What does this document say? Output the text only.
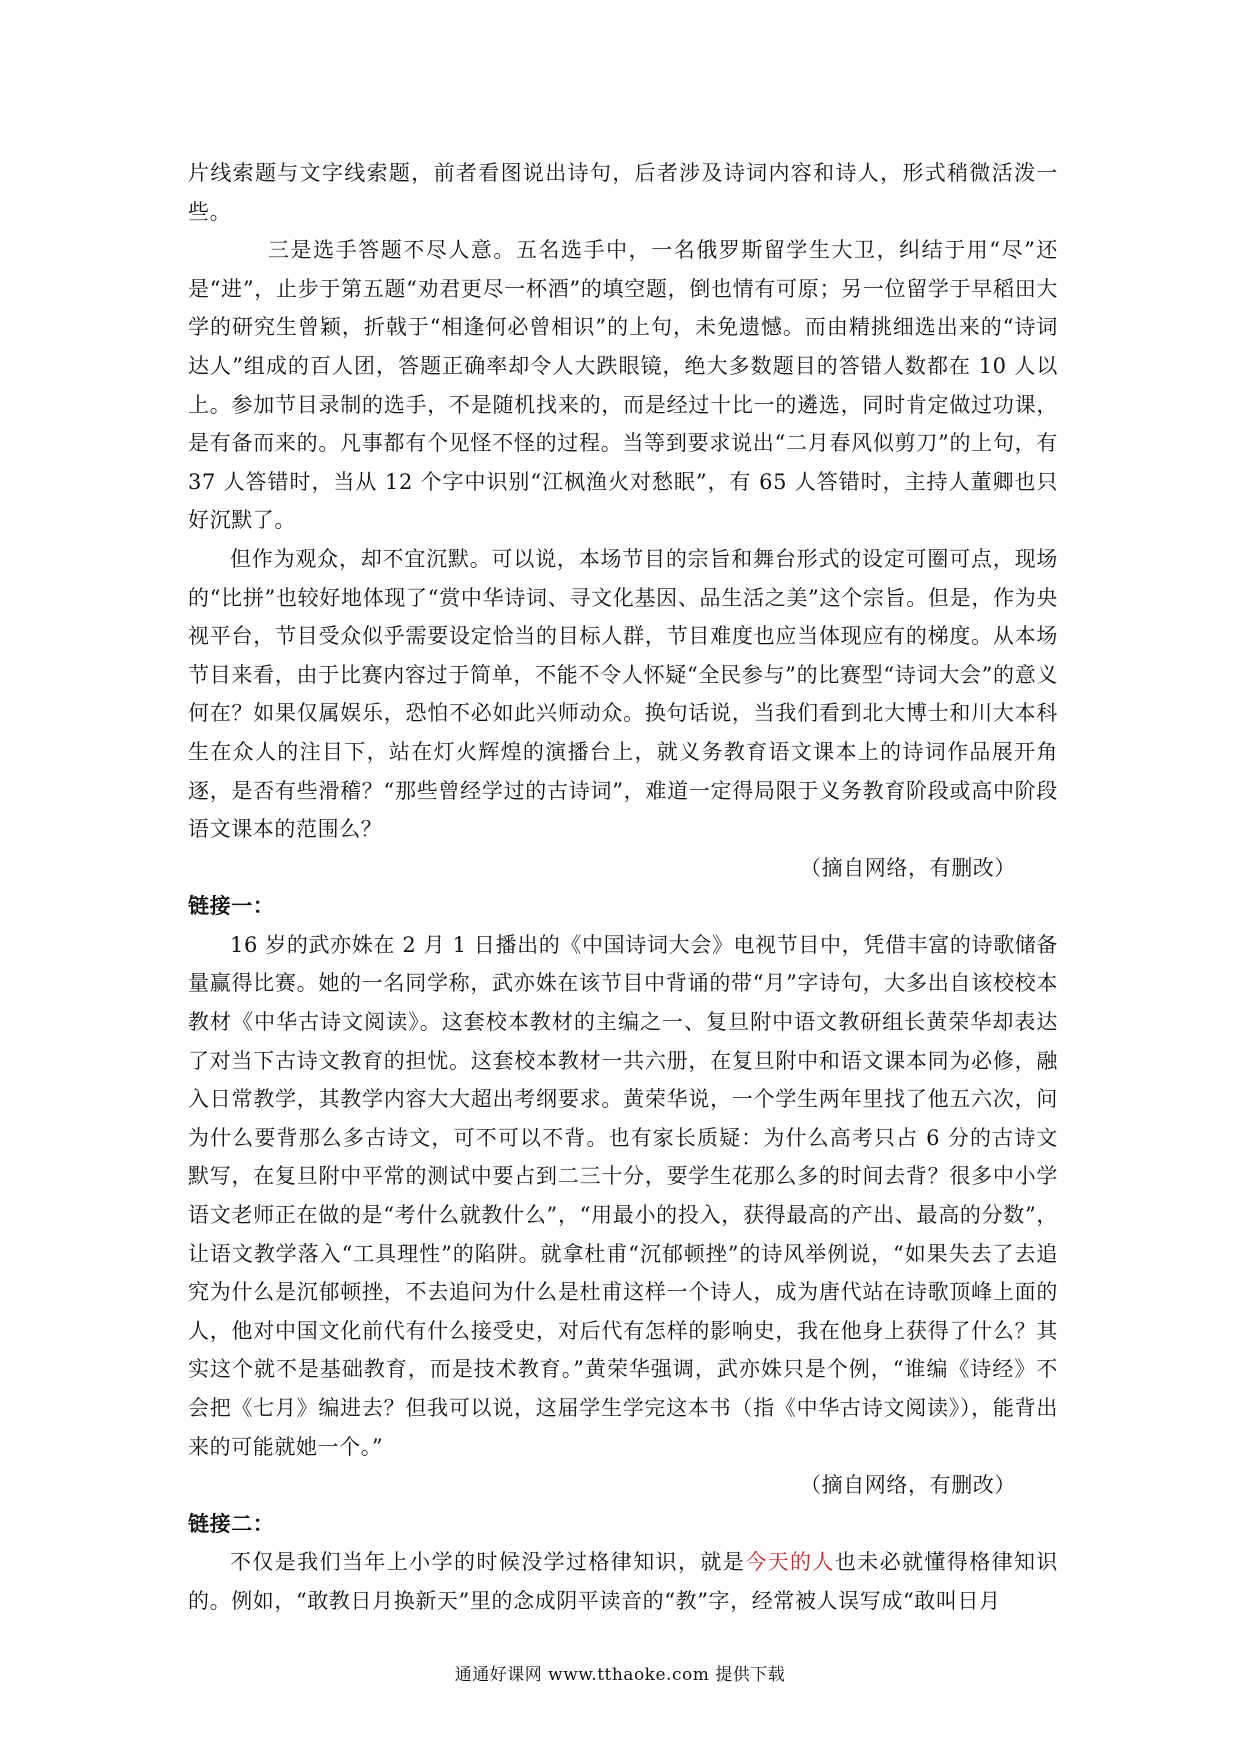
片线索题与文字线索题，前者看图说出诗句，后者涉及诗词内容和诗人，形式稍微活泼一些。

三是选手答题不尽人意。五名选手中，一名俄罗斯留学生大卫，纠结于用“尽”还是“进”，止步于第五题“劝君更尽一杯酒”的填空题，倒也情有可原；另一位留学于早稻田大学的研究生曾颖，折戟于“相逢何必曾相识”的上句，未免遗憾。而由精挑细选出来的“诗词达人”组成的百人团，答题正确率却令人大跌眼镜，绝大多数题目的答错人数都在 10 人以上。参加节目录制的选手，不是随机找来的，而是经过十比一的遴选，同时肯定做过功课，是有备而来的。凡事都有个见怪不怪的过程。当等到要求说出“二月春风似剪刀”的上句，有 37 人答错时，当从 12 个字中识别“江枫渔火对愁眠”，有 65 人答错时，主持人董卿也只好沉默了。

但作为观众，却不宜沉默。可以说，本场节目的宗旨和舞台形式的设定可圈可点，现场的“比拼”也较好地体现了“赏中华诗词、寻文化基因、品生活之美”这个宗旨。但是，作为央视平台，节目受众似乎需要设定恰当的目标人群，节目难度也应当体现应有的梯度。从本场节目来看，由于比赛内容过于简单，不能不令人怀疑“全民参与”的比赛型“诗词大会”的意义何在？如果仅属娱乐，恐怕不必如此兴师动众。换句话说，当我们看到北大博士和川大本科生在众人的注目下，站在灯火辉煌的演播台上，就义务教育语文课本上的诗词作品展开角逐，是否有些滑稽？“那些曾经学过的古诗词”，难道一定得局限于义务教育阶段或高中阶段语文课本的范围么？

（摘自网络，有删改）

链接一：

16 岁的武亦姝在 2 月 1 日播出的《中国诗词大会》电视节目中，凭借丰富的诗歌储备量赢得比赛。她的一名同学称，武亦姝在该节目中背诵的带“月”字诗句，大多出自该校校本教材《中华古诗文阅读》。这套校本教材的主编之一、复旦附中语文教研组长黄荣华却表达了对当下古诗文教育的担忧。这套校本教材一共六册，在复旦附中和语文课本同为必修，融入日常教学，其教学内容大大超出考纲要求。黄荣华说，一个学生两年里找了他五六次，问为什么要背那么多古诗文，可不可以不背。也有家长质疑：为什么高考只占 6 分的古诗文默写，在复旦附中平常的测试中要占到二三十分，要学生花那么多的时间去背？很多中小学语文老师正在做的是“考什么就教什么”，“用最小的投入，获得最高的产出、最高的分数”，让语文教学落入“工具理性”的陷阱。就拿杜甫“沉郁顿挫”的诗风举例说，“如果失去了去追究为什么是沉郁顿挫，不去追问为什么是杜甫这样一个诗人，成为唐代站在诗歌顶峰上面的人，他对中国文化前代有什么接受史，对后代有怎样的影响史，我在他身上获得了什么？其实这个就不是基础教育，而是技术教育。”黄荣华强调，武亦姝只是个例，“谁编《诗经》不会把《七月》编进去？但我可以说，这届学生学完这本书（指《中华古诗文阅读》），能背出来的可能就她一个。”

（摘自网络，有删改）

链接二：

不仅是我们当年上小学的时候没学过格律知识，就是今天的人也未必就懂得格律知识的。例如，“敢教日月换新天”里的念成阴平读音的“教”字，经常被人误写成“敢叫日月

通通好课网 www.tthaoke.com 提供下载
